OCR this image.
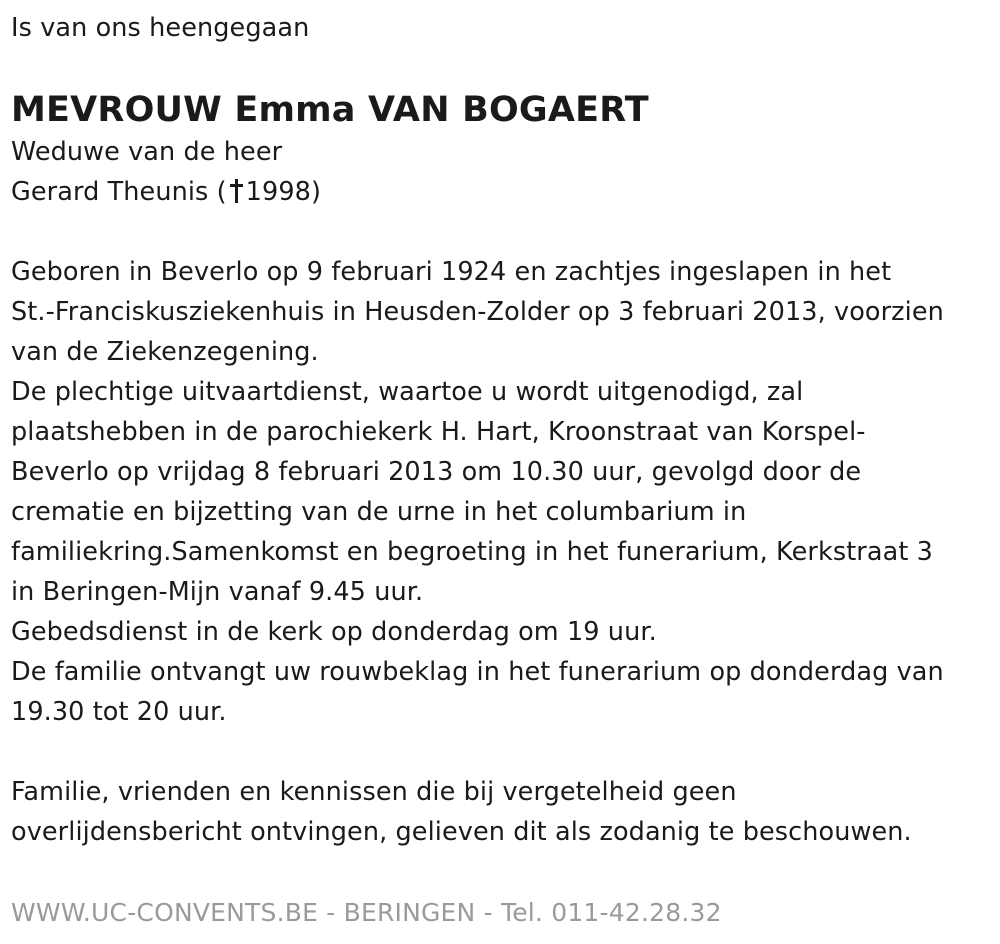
Is van ons heengegaan
MEVROUW Emma VAN BOGAERT
Weduwe van de heer
Gerard Theunis ( 1998)
Geboren in Beverlo op 9 februari 1924 en zachtjes ingeslapen in het
St.-Franciskusziekenhuis in Heusden-Zolder op 3 februari 2013, voorzien
van de Ziekenzegening.
De plechtige uitvaartdienst, waartoe u wordt uitgenodigd, zal
plaatshebben in de parochiekerk H. Hart, Kroonstraat van Korspel-
Beverlo op vrijdag 8 februari 2013 om 10.30 uur, gevolgd door de
crematie en bijzetting van de urne in het columbarium in
familiekring.Samenkomst en begroeting in het funerarium, Kerkstraat 3
in Beringen-Mijn vanaf 9.45 uur.
Gebedsdienst in de kerk op donderdag om 19 uur.
De familie ontvangt uw rouwbeklag in het funerarium op donderdag van
19.30 tot 20 uur.
Familie, vrienden en kennissen die bij vergetelheid geen
overlijdensbericht ontvingen, gelieven dit als zodanig te beschouwen.
WWW.UC-CONVENTS.BE - BERINGEN - Tel. 011-42.28.32
